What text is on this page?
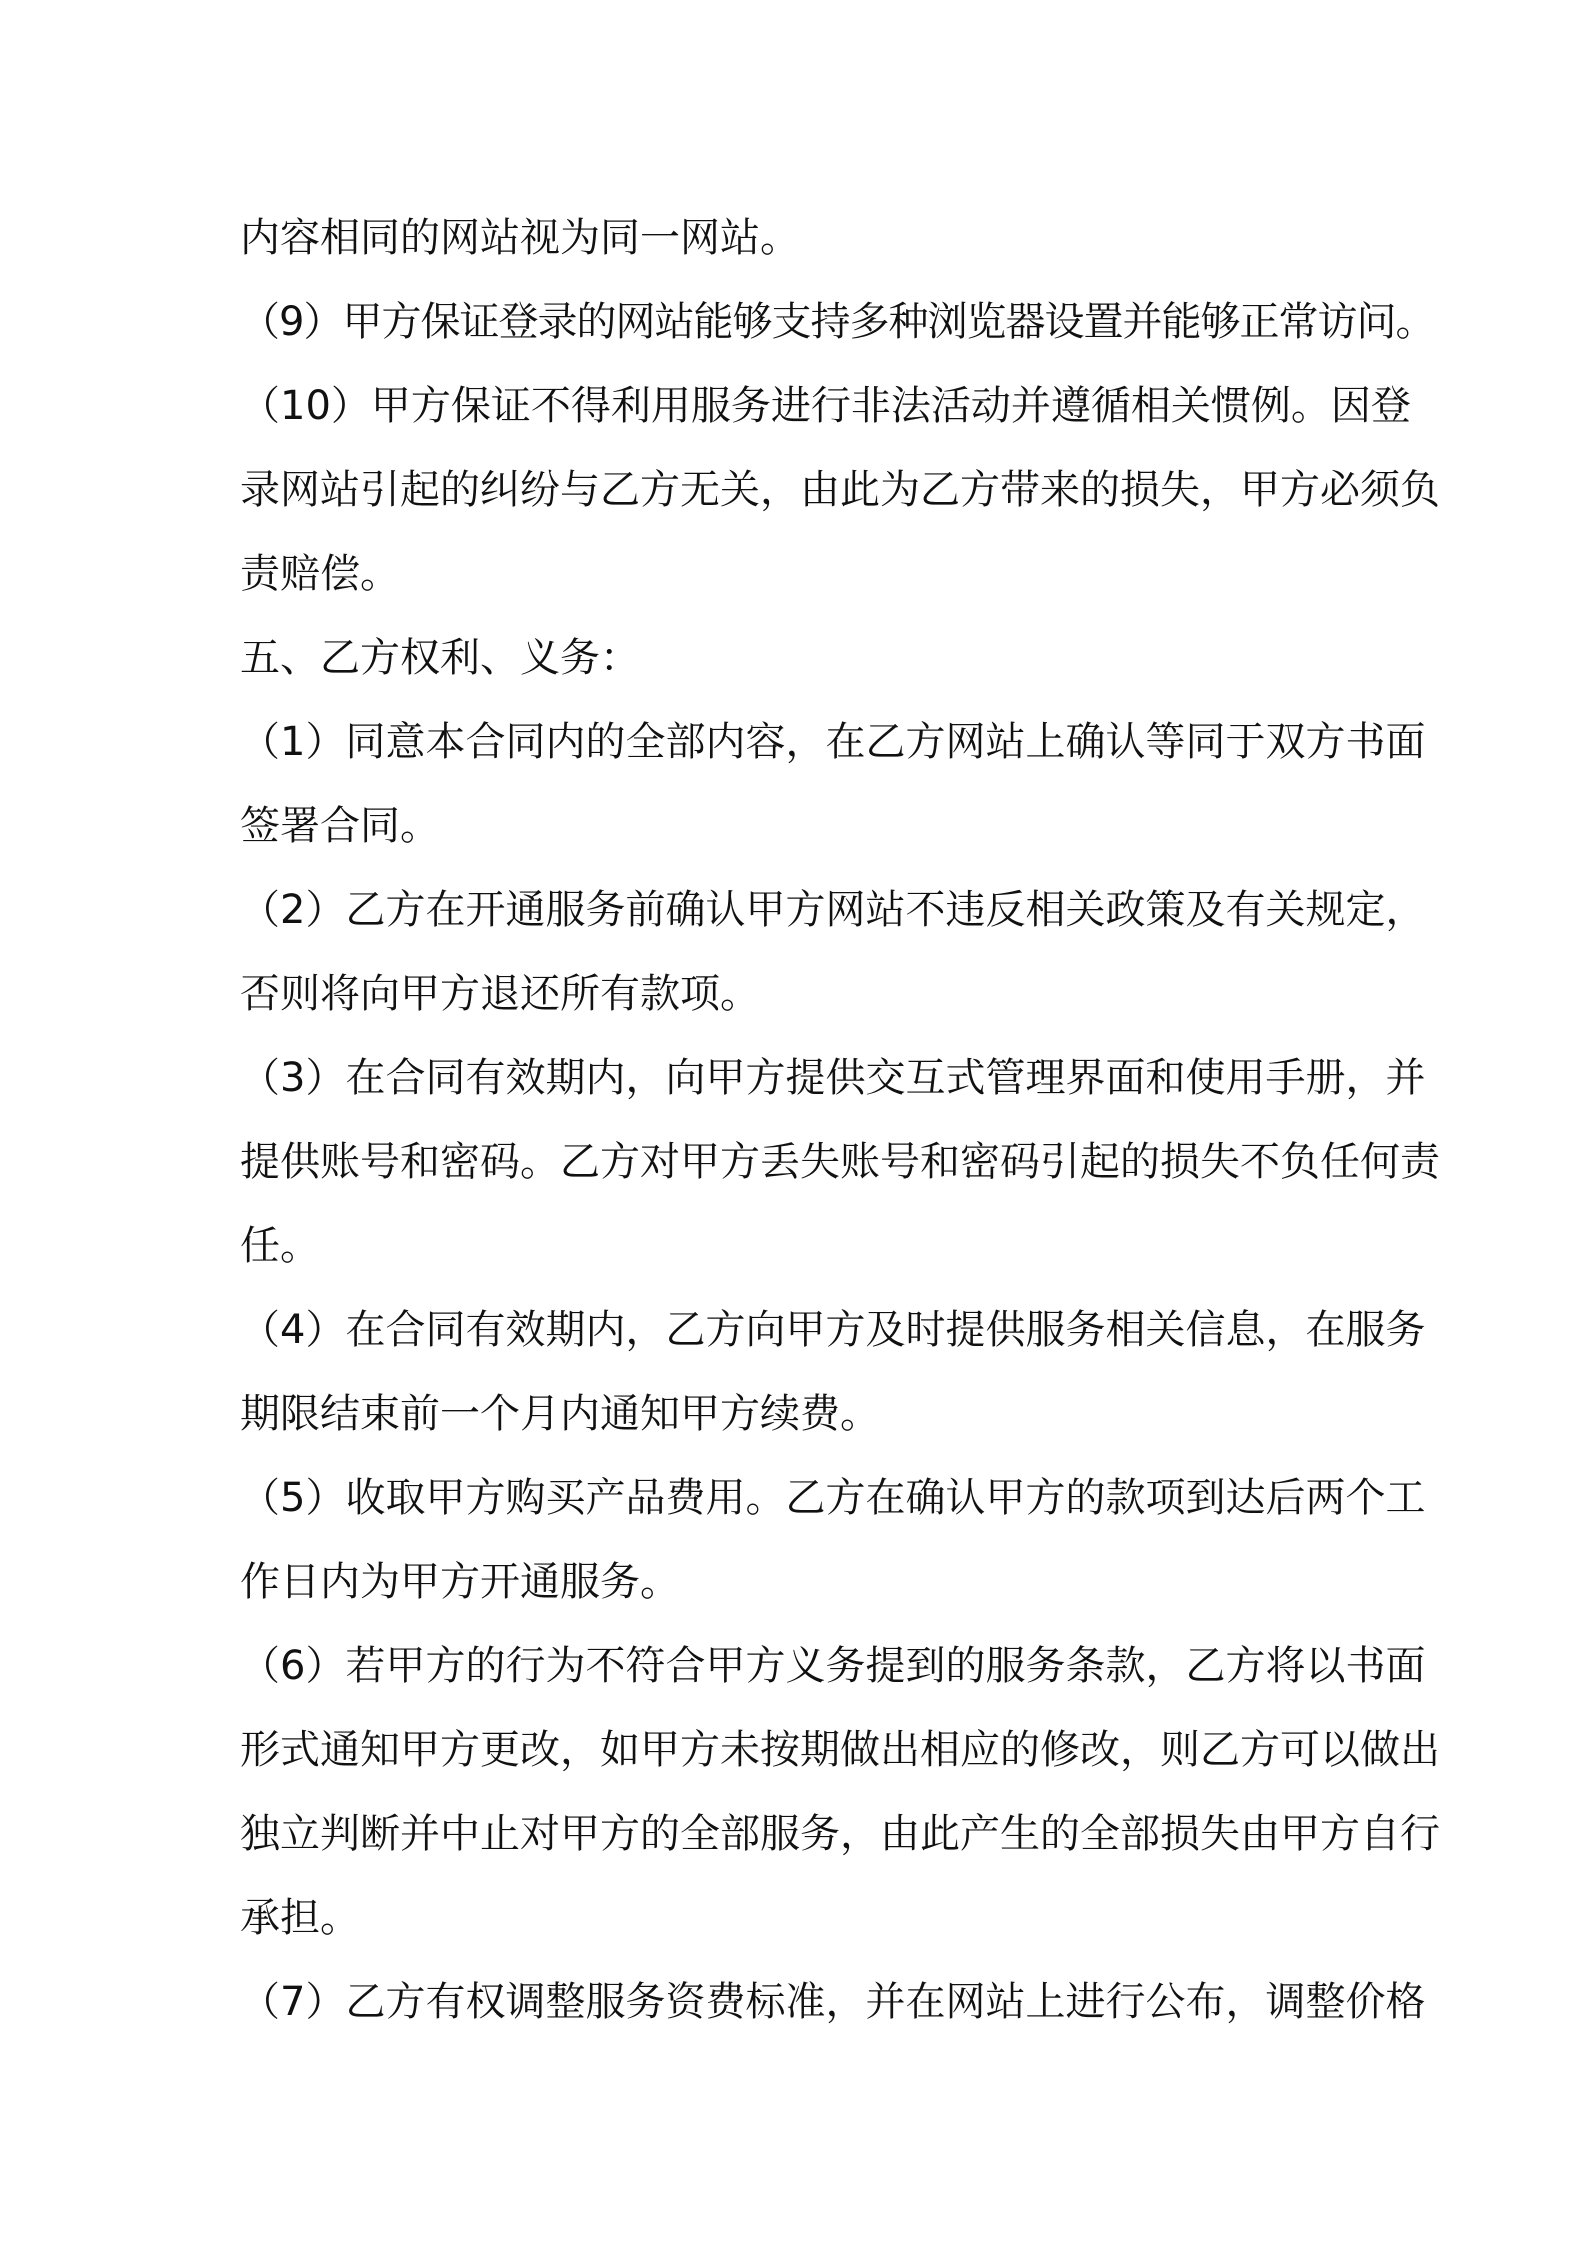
内容相同的网站视为同一网站。
（9）甲方保证登录的网站能够支持多种浏览器设置并能够正常访问。
（10）甲方保证不得利用服务进行非法活动并遵循相关惯例。因登
录网站引起的纠纷与乙方无关，由此为乙方带来的损失，甲方必须负
责赔偿。
五、乙方权利、义务：
（1）同意本合同内的全部内容，在乙方网站上确认等同于双方书面
签署合同。
（2）乙方在开通服务前确认甲方网站不违反相关政策及有关规定，
否则将向甲方退还所有款项。
（3）在合同有效期内，向甲方提供交互式管理界面和使用手册，并
提供账号和密码。乙方对甲方丢失账号和密码引起的损失不负任何责
任。
（4）在合同有效期内，乙方向甲方及时提供服务相关信息，在服务
期限结束前一个月内通知甲方续费。
（5）收取甲方购买产品费用。乙方在确认甲方的款项到达后两个工
作日内为甲方开通服务。
（6）若甲方的行为不符合甲方义务提到的服务条款，乙方将以书面
形式通知甲方更改，如甲方未按期做出相应的修改，则乙方可以做出
独立判断并中止对甲方的全部服务，由此产生的全部损失由甲方自行
承担。
（7）乙方有权调整服务资费标准，并在网站上进行公布，调整价格
